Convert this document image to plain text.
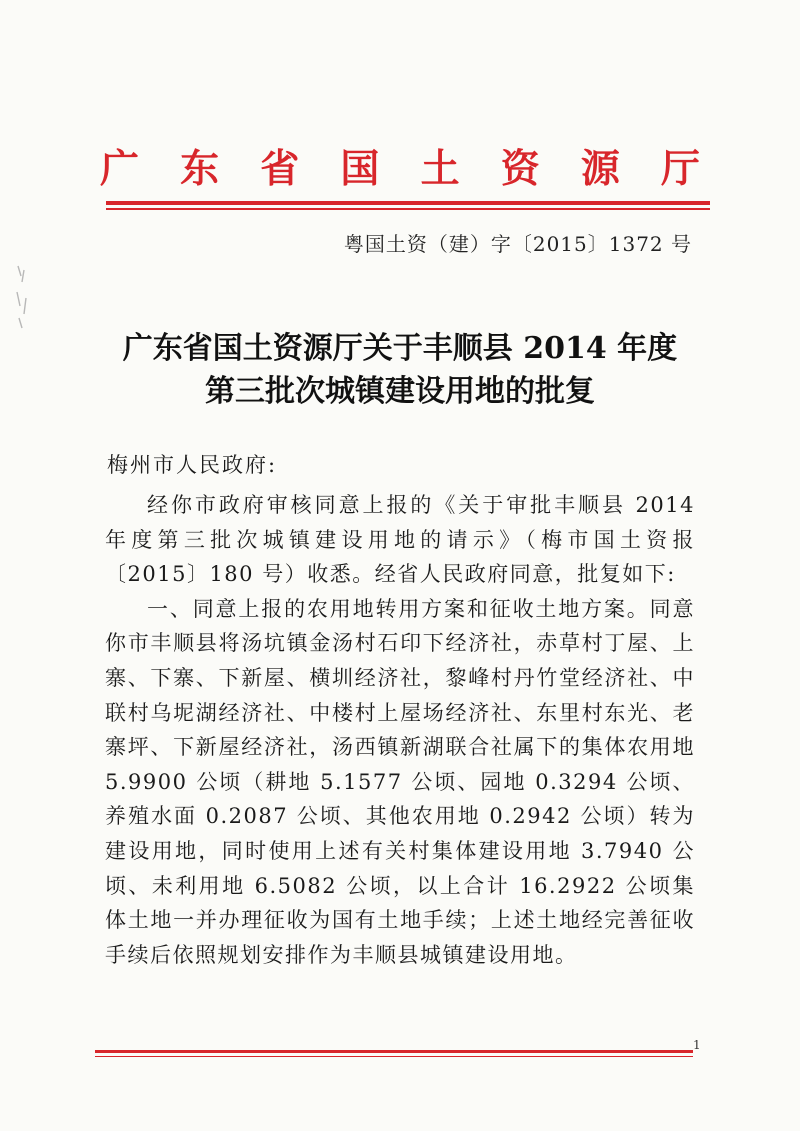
广 东 省 国 土 资 源 厅
粤国土资（建）字〔2015〕1372 号
广东省国土资源厅关于丰顺县 2014 年度
第三批次城镇建设用地的批复
梅州市人民政府:

经你市政府审核同意上报的《关于审批丰顺县 2014 年度第三批次城镇建设用地的请示》（梅市国土资报〔2015〕180 号）收悉。经省人民政府同意，批复如下:

一、同意上报的农用地转用方案和征收土地方案。同意你市丰顺县将汤坑镇金汤村石印下经济社，赤草村丁屋、上寨、下寨、下新屋、横圳经济社，黎峰村丹竹堂经济社、中联村乌坭湖经济社、中楼村上屋场经济社、东里村东光、老寨坪、下新屋经济社，汤西镇新湖联合社属下的集体农用地 5.9900 公顷（耕地 5.1577 公顷、园地 0.3294 公顷、养殖水面 0.2087 公顷、其他农用地 0.2942 公顷）转为建设用地，同时使用上述有关村集体建设用地 3.7940 公顷、未利用地 6.5082 公顷，以上合计 16.2922 公顷集体土地一并办理征收为国有土地手续；上述土地经完善征收手续后依照规划安排作为丰顺县城镇建设用地。

1
